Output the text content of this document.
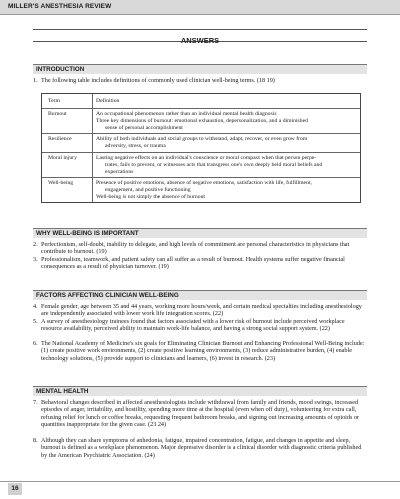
MILLER'S ANESTHESIA REVIEW
ANSWERS
INTRODUCTION
1. The following table includes definitions of commonly used clinician well-being terms. (18 19)
Term	Definition
Burnout	An occupational phenomenon rather than an individual mental health diagnosis
Three key dimensions of burnout: emotional exhaustion, depersonalization, and a diminished
sense of personal accomplishment
Resilience	Ability of both individuals and social groups to withstand, adapt, recover, or even grow from
adversity, stress, or trauma
Moral injury	Lasting negative effects on an individual's conscience or moral compass when that person perpe-
trates, fails to prevent, or witnesses acts that transgress one's own deeply held moral beliefs and
expectations
Well-being	Presence of positive emotions, absence of negative emotions, satisfaction with life, fulfillment,
engagement, and positive functioning
Well-being is not simply the absence of burnout
WHY WELL-BEING IS IMPORTANT
2. Perfectionism, self-doubt, inability to delegate, and high levels of commitment are personal characteristics in physicians that contribute to burnout. (19)
3. Professionalism, teamwork, and patient safety can all suffer as a result of burnout. Health systems suffer negative financial consequences as a result of physician turnover. (19)
FACTORS AFFECTING CLINICIAN WELL-BEING
4. Female gender, age between 35 and 44 years, working more hours/week, and certain medical specialties including anesthesiology are independently associated with lower work life integration scores. (22)
5. A survey of anesthesiology trainees found that factors associated with a lower risk of burnout include perceived workplace resource availability, perceived ability to maintain work-life balance, and having a strong social support system. (22)
6. The National Academy of Medicine's six goals for Eliminating Clinician Burnout and Enhancing Professional Well-Being include: (1) create positive work environments, (2) create positive learning environments, (3) reduce administrative burden, (4) enable technology solutions, (5) provide support to clinicians and learners, (6) invest in research. (23)
MENTAL HEALTH
7. Behavioral changes described in affected anesthesiologists include withdrawal from family and friends, mood swings, increased episodes of anger, irritability, and hostility, spending more time at the hospital (even when off duty), volunteering for extra call, refusing relief for lunch or coffee breaks, requesting frequent bathroom breaks, and signing out increasing amounts of opioids or quantities inappropriate for the given case. (23 24)
8. Although they can share symptoms of anhedonia, fatigue, impaired concentration, fatigue, and changes in appetite and sleep, burnout is defined as a workplace phenomenon. Major depressive disorder is a clinical disorder with diagnostic criteria published by the American Psychiatric Association. (24)
16
